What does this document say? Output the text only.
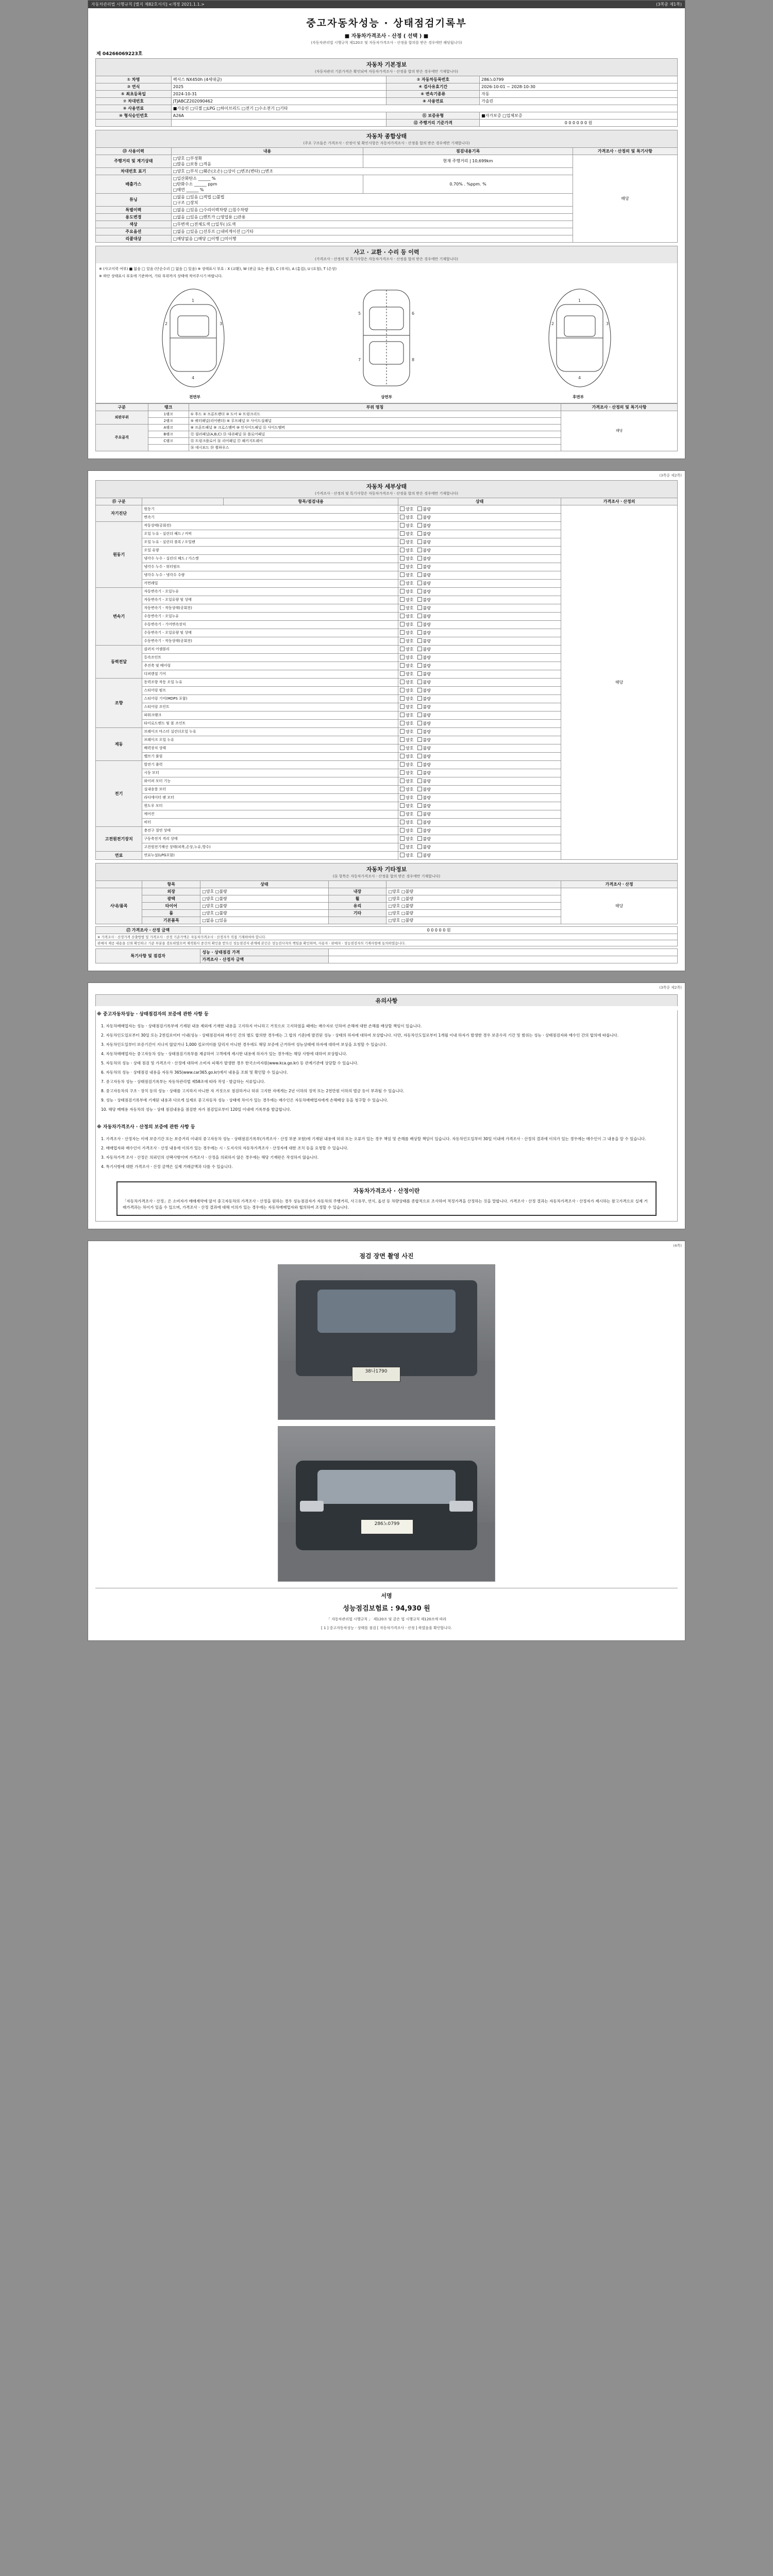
자동차관리법 시행규칙 [별지 제82호서식] <개정 2021.1.1.>	(3쪽중 제1쪽)
중고자동차성능 · 상태점검기록부
■ 자동차가격조사 · 산정 ( 선택 ) ■
(자동차관리법 시행규칙 제120조 및 자동차가격조사ㆍ산정을 합의를 받은 경우에만 해당됩니다)
제 04266069223호
자동차 기본정보
(자동차관리 기본가격은 확인되며 자동차가격조사ㆍ산정을 합의 받은 경우에만 기재합니다)
① 차명	렉서스 NX450h (4세대급)	② 자동차등록번호	286노0799
③ 연식	2025	④ 검사유효기간	2026-10-01 ~ 2028-10-30
⑤ 최초등록일	2024-10-31	⑥ 변속기종류	자동
⑦ 차대번호	JTJABCZ202090462	⑧ 사용연료	가솔린
⑨ 사용연료	■가솔린 □디젤 □LPG □하이브리드 □전기 □수소전기 □기타		
⑩ 형식승인번호	A26A	⑪ 보증유형	■자가보증 □업체보증
		⑫ 주행거리 기준가격	0 0 0 0 0 0 원
자동차 종합상태
(주요 구조들은 가격조사ㆍ산정이 및 확인사항은 자동차가격조사ㆍ산정을 합의 받은 경우에만 기재합니다)
⑬ 사용이력	내용	점검내용기록	가격조사ㆍ산정의 및 특기사항
주행거리 및 계기상태	□양호 □부정확
□많음 □보통 □적음	현재 주행거리 | 10,699km	해당
차대번호 표기	□양호 □부식 □훼손(오손) □상이 □변조(변타) □변조		
배출가스	□일산화탄소 ______ %
□탄화수소 ______ ppm
□매연 ______ %	0.70% . %ppm. %	
튜닝	□없음 □있음 □적법 □불법
□구조 □장치		
특별이력	□없음 □있음 □수리이력차량 □침수차량		
용도변경	□없음 □있음 □렌트카 □영업용 □관용		
색상	□무변색 □전체도색 □일부( )도색		
주요옵션	□없음 □있음 □선루프 □내비게이션 □기타		
리콜대상	□해당없음 □해당 □이행 □미이행		
사고 · 교환 · 수리 등 이력
(가격조사ㆍ산정의 및 특기사항은 자동차가격조사ㆍ산정을 합의 받은 경우에만 기재합니다)
※ (사고이력 여부) ■ 없음 □ 있음 (단순수리 □ 없음 □ 있음) ※ 상태표시 부호 : X (교환), W (판금 또는 용접), C (부식), A (흠집), U (요철), T (손상)
※ 하단 상태표시 부호에 기준하여, 기타 부위까지 상태에 적어주시기 바랍니다.
1
2	3
4
5	6
7	8
1
2	3
4
전면부	상면부	후면부
구분	랭크	부위 명칭	가격조사ㆍ산정의 및 특기사항
외판부위	1랭크	① 후드 ② 프론트팬더 ③ 도어 ④ 트렁크리드	해당
	2랭크	⑤ 쿼터패널(리어팬더) ⑥ 루프패널 ⑦ 사이드실패널	
주요골격	A랭크	⑧ 프론트패널 ⑨ 크로스멤버 ⑩ 인사이드패널 ⑪ 사이드멤버	
	B랭크	⑫ 필러패널(A,B,C) ⑬ 대쉬패널 ⑭ 플로어패널	
	C랭크	⑮ 트렁크플로어 ⑯ 리어패널 ⑰ 패키지트레이	
		⑱ 데시보드 ⑲ 휠하우스	
(3쪽중 제2쪽)
자동차 세부상태
(가격조사ㆍ산정의 및 특기사항은 자동차가격조사ㆍ산정을 합의 받은 경우에만 기재합니다)
⑮ 구분		항목/점검내용	상태	가격조사ㆍ산정의
자기진단	원동기		양호 불량	해당
	변속기		양호 불량	
원동기	작동상태(공회전)		양호 불량	
	오일 누유 - 실린더 헤드 / 커버		양호 불량	
	오일 누유 - 실린더 블록 / 오일팬		양호 불량	
	오일 유량		양호 불량	
	냉각수 누수 - 실린더 헤드 / 가스켓		양호 불량	
	냉각수 누수 - 워터펌프		양호 불량	
	냉각수 누수 - 냉각수 수량		양호 불량	
	커먼레일		양호 불량	
변속기	자동변속기 - 오일누유		양호 불량	
	자동변속기 - 오일유량 및 상태		양호 불량	
	자동변속기 - 작동상태(공회전)		양호 불량	
	수동변속기 - 오일누유		양호 불량	
	수동변속기 - 기어변속장치		양호 불량	
	수동변속기 - 오일유량 및 상태		양호 불량	
	수동변속기 - 작동상태(공회전)		양호 불량	
동력전달	클러치 어셈블리		양호 불량	
	등속조인트		양호 불량	
	추진축 및 베어링		양호 불량	
	디퍼렌셜 기어		양호 불량	
조향	동력조향 작동 오일 누유		양호 불량	
	스티어링 펌프		양호 불량	
	스티어링 기어(MDPS 포함)		양호 불량	
	스티어링 조인트		양호 불량	
	파워크랭크		양호 불량	
	타이로드엔드 및 볼 조인트		양호 불량	
제동	브레이크 마스터 실린더오일 누유		양호 불량	
	브레이크 오일 누유		양호 불량	
	배력장치 상태		양호 불량	
	밸브기 풀림		양호 불량	
전기	발전기 출력		양호 불량	
	시동 모터		양호 불량	
	와이퍼 모터 기능		양호 불량	
	실내송풍 모터		양호 불량	
	라디에이터 팬 모터		양호 불량	
	윈도우 모터		양호 불량	
	에어컨		양호 불량	
	히터		양호 불량	
고전원전기장치	충전구 절연 상태		양호 불량	
	구동축전지 격리 상태		양호 불량	
	고전원전기배선 상태(피복,손상,누유,방수)		양호 불량	
연료	연료누설(LPG포함)		양호 불량	
자동차 기타정보
(⑯ 항목은 자동차가격조사ㆍ산정을 합의 받은 경우에만 기재합니다)
	항목	상태			가격조사ㆍ산정
사내/품목	외장	□양호 □불량	내장	□양호 □불량	해당
	광택	□양호 □불량	휠	□양호 □불량	
	타이어	□양호 □불량	유리	□양호 □불량	
	룸	□양호 □불량	기타	□양호 □불량	
	기본품목	□없음 □있음		□양호 □불량	
⑰ 가격조사 · 산정 금액	0 0 0 0 0 원
※ 가격조사ㆍ산정가격 산출방법 및 가격조사ㆍ산정 기준가액은 자동차가격조사ㆍ산정자가 직접 기재하여야 합니다.
판매자 제공 내용을 신뢰 확인하고 기준 부분을 검토하였으며 제작회사 중간의 확인을 받으신 성능점검자 관계에 본인은 성능검사자의 책임을 확인하며, 사용자ㆍ판매자ㆍ성능점검자의 기재사항에 동의하였습니다.
특기사항 및 점검자	성능 · 상태점검 가격	
	가격조사 · 산정자 금액	
(3쪽중 제2쪽)
유의사항
※ 중고자동차성능 · 상태점검자의 보증에 관한 사항 등

1. 자동차매매업자는 성능ㆍ상태점검기록부에 기재된 내용 제외에 기재한 내용을 고지하지 아니하고 거짓으로 고지하였을 때에는 매수자로 인하여 손해에 대한 손해를 배상할 책임이 있습니다.

2. 자동차인도일로부터 30일 또는 2천킬로미터 이내(성능ㆍ상태점검자와 매수인 간의 별도 합의한 경우에는 그 합의 기준)에 발견된 성능ㆍ상태의 하자에 대하여 보상합니다. 다만, 자동차인도일로부터 1개월 이내 하자가 발생한 경우 보증수리 기간 및 범위는 성능ㆍ상태점검자와 매수인 간의 합의에 따릅니다.

3. 자동차인도일부터 보증기간이 지나지 않았거나 1,000 킬로미터를 달리지 아니한 경우에도 해당 보증에 근거하여 성능상태에 하자에 대하여 보상을 요청할 수 있습니다.

4. 자동차매매업자는 중고자동차 성능ㆍ상태점검기록부를 제공하여 고객에게 제시한 내용에 하자가 있는 경우에는 해당 사항에 대하여 보상합니다.

5. 자동차의 성능ㆍ상태 점검 및 가격조사ㆍ산정에 대하여 소비자 피해가 발생한 경우 한국소비자원(www.kca.go.kr) 등 관계기관에 상담할 수 있습니다.

6. 자동차의 성능 · 상태점검 내용을 자동차 365(www.car365.go.kr)에서 내용을 조회 및 확인할 수 있습니다.

7. 중고자동차 성능ㆍ상태점검기록부는 자동차관리법 제58조에 따라 작성ㆍ발급하는 서류입니다.

8. 중고자동차의 구조ㆍ장치 등의 성능ㆍ상태를 고지하지 아니한 자 거짓으로 점검하거나 허위 고지한 자에게는 2년 이하의 징역 또는 2천만원 이하의 벌금 등이 부과될 수 있습니다.

9. 성능ㆍ상태점검기록부에 기재된 내용과 다르게 실제로 중고자동차 성능ㆍ상태에 차이가 있는 경우에는 매수인은 자동차매매업자에게 손해배상 등을 청구할 수 있습니다.

10. 해당 매매용 자동차의 성능ㆍ상태 점검내용을 점검한 자가 점검일로부터 120일 이내에 기록부를 발급합니다.

※ 자동차가격조사 · 산정의 보증에 관한 사항 등

1. 가격조사ㆍ산정자는 이에 보증기간 또는 보증거리 이내의 중고자동차 성능ㆍ상태점검기록부(가격조사ㆍ산정 부분 포함)에 기재된 내용에 허위 또는 오류가 있는 경우 책임 및 손해를 배상할 책임이 있습니다. 자동차인도일부터 30일 이내에 가격조사ㆍ산정의 결과에 이의가 있는 경우에는 매수인이 그 내용을 알 수 있습니다.

2. 매매업자와 매수인이 가격조사ㆍ산정 내용에 이의가 있는 경우에는 시ㆍ도지사의 자동차가격조사ㆍ산정자에 대한 조치 등을 요청할 수 있습니다.

3. 자동차가격 조사ㆍ산정은 의뢰인의 선택사항이며 가격조사ㆍ산정을 의뢰하지 않은 경우에는 해당 기재란은 작성하지 않습니다.

4. 특기사항에 대한 가격조사ㆍ산정 금액은 실제 거래금액과 다를 수 있습니다.

자동차가격조사 · 산정이란
「자동차가격조사ㆍ산정」은 소비자가 매매계약에 앞서 중고자동차의 가격조사ㆍ산정을 원하는 경우 성능점검자가 자동차의 주행거리, 사고유무, 연식, 옵션 등 차량상태를 종합적으로 조사하여 적정가격을 산정하는 것을 말합니다. 가격조사ㆍ산정 결과는 자동차가격조사ㆍ산정자가 제시하는 참고가격으로 실제 거래가격과는 차이가 있을 수 있으며, 가격조사ㆍ산정 결과에 대해 이의가 있는 경우에는 자동차매매업자와 협의하여 조정할 수 있습니다.
(4쪽)
점검 장면 촬영 사진
38나1790
286노0799
서명
성능점검보험료 : 94,930 원
「 자동차관리법 시행규칙 」 제120조 및 같은 법 시행규칙 제120조에 따라
[ 1 ] 중고자동차성능ㆍ상태를 점검 [ 자동차가격조사ㆍ산정 ] 하였음을 확인합니다.
